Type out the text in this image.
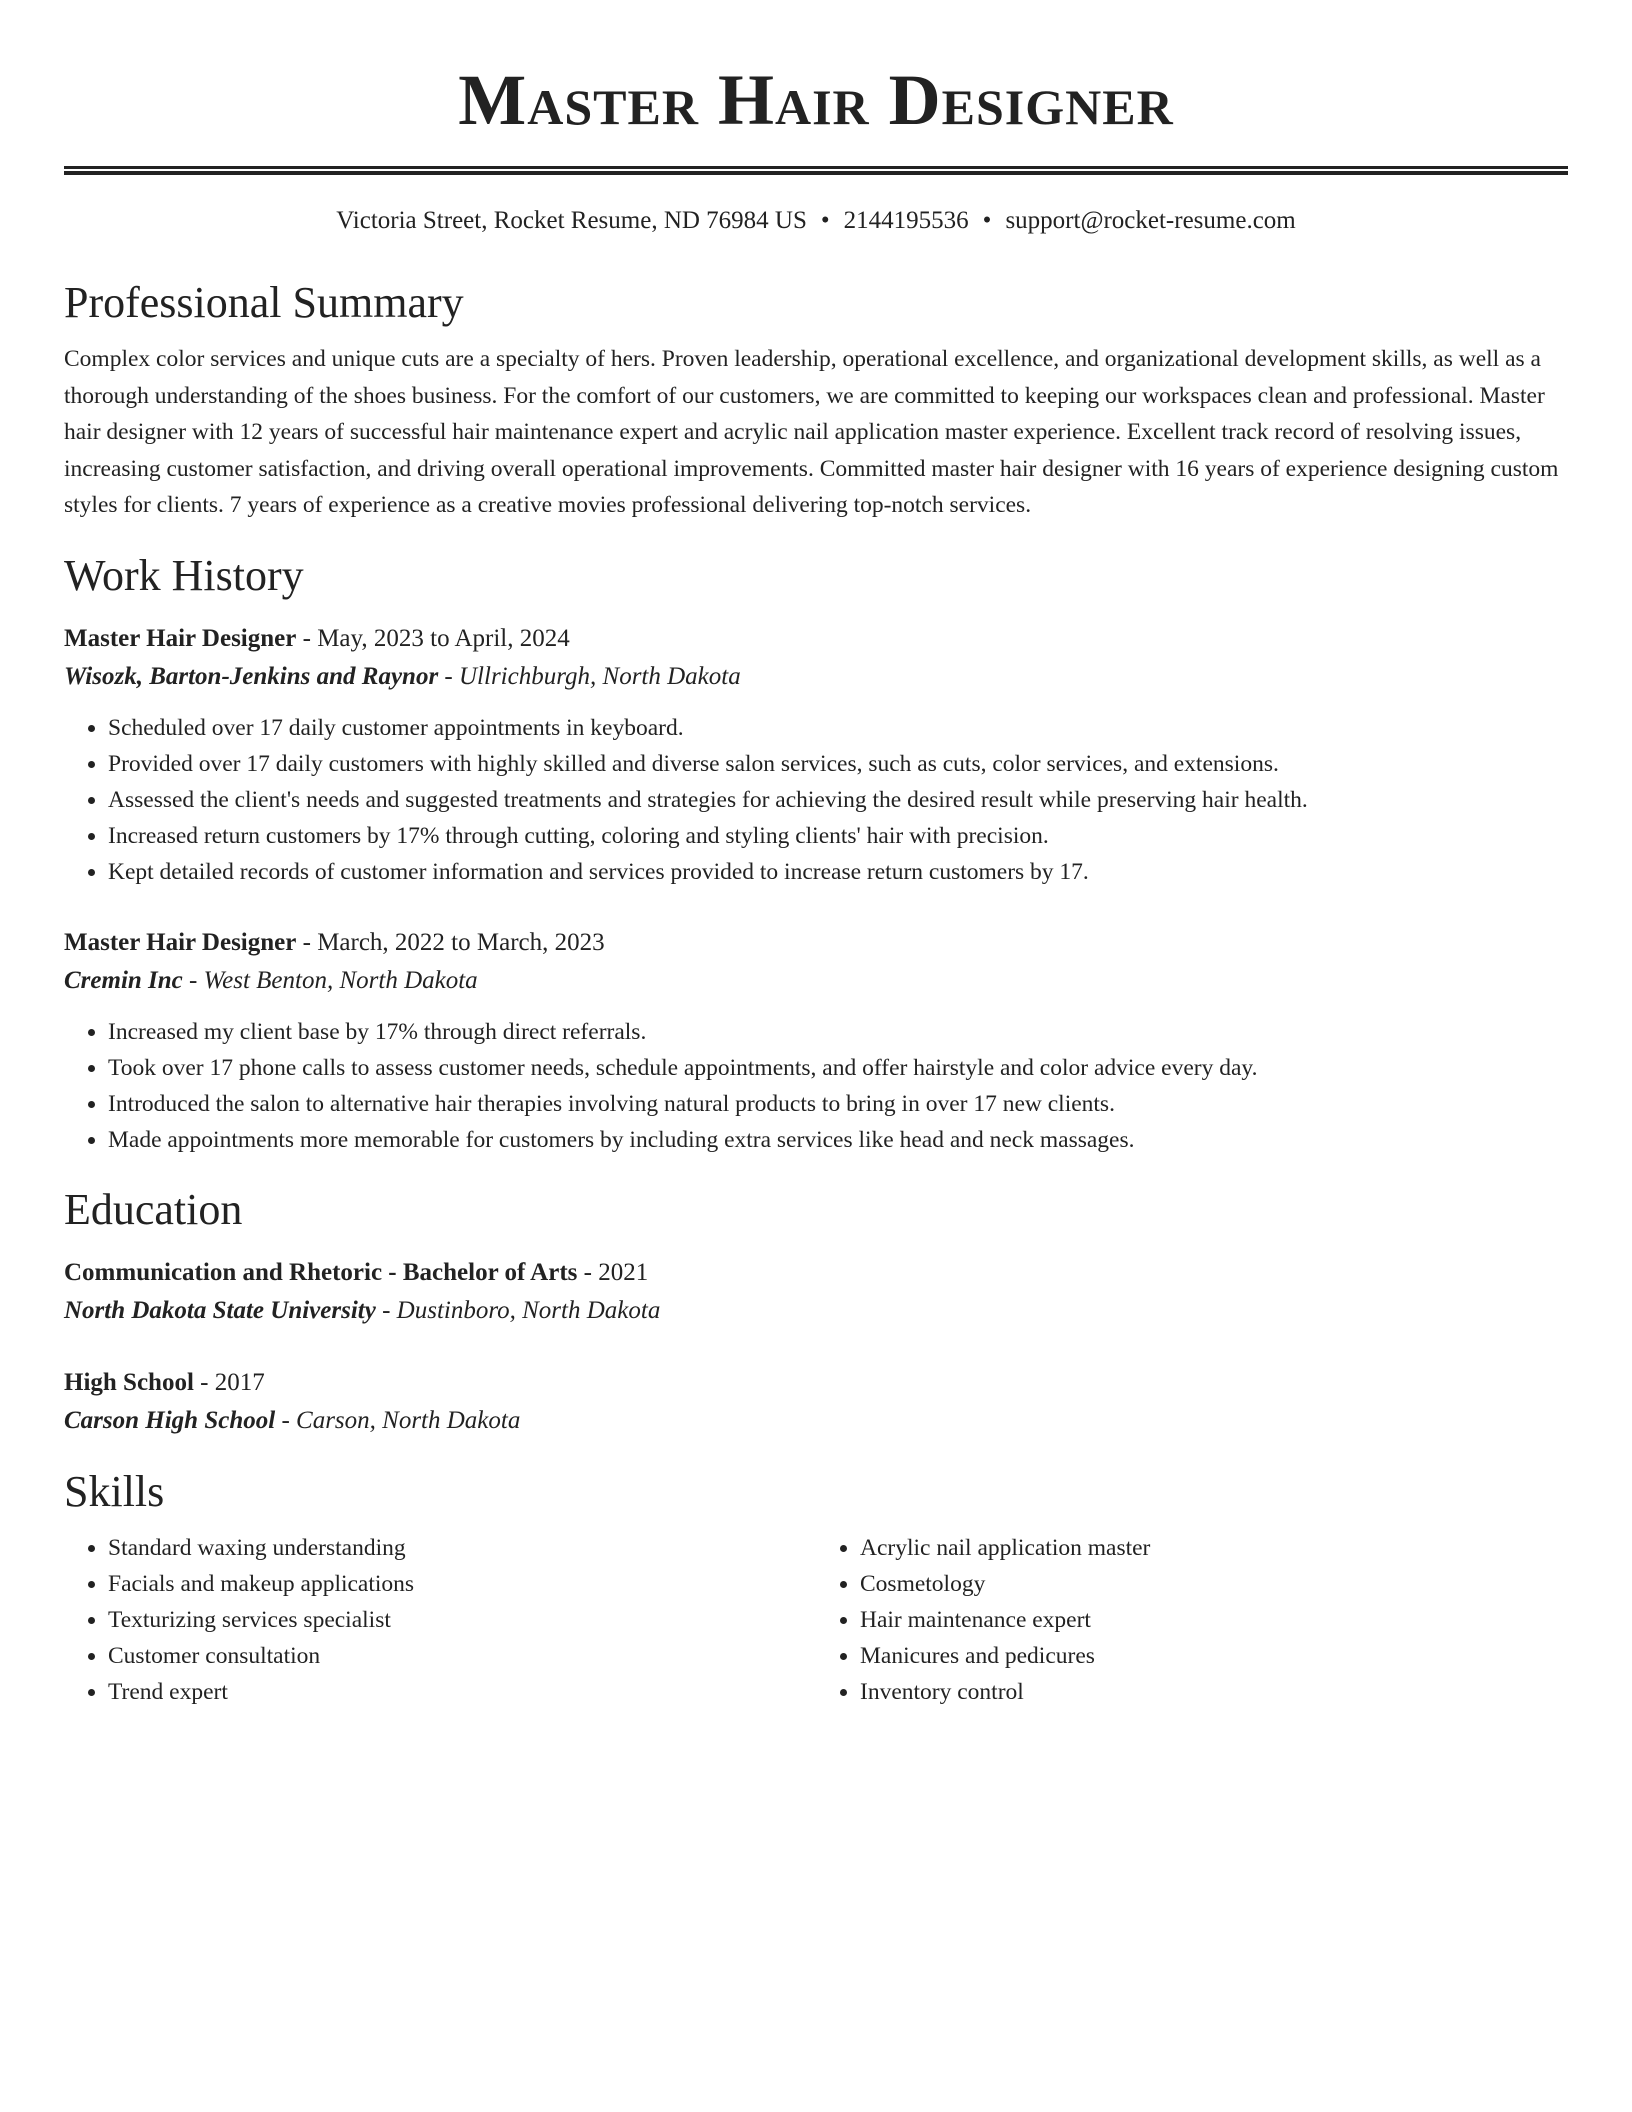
Master Hair Designer
Victoria Street, Rocket Resume, ND 76984 US • 2144195536 • support@rocket-resume.com
Professional Summary

Complex color services and unique cuts are a specialty of hers. Proven leadership, operational excellence, and organizational development skills, as well as a thorough understanding of the shoes business. For the comfort of our customers, we are committed to keeping our workspaces clean and professional. Master hair designer with 12 years of successful hair maintenance expert and acrylic nail application master experience. Excellent track record of resolving issues, increasing customer satisfaction, and driving overall operational improvements. Committed master hair designer with 16 years of experience designing custom styles for clients. 7 years of experience as a creative movies professional delivering top-notch services.

Work History
Master Hair Designer - May, 2023 to April, 2024
Wisozk, Barton-Jenkins and Raynor - Ullrichburgh, North Dakota
• Scheduled over 17 daily customer appointments in keyboard.
• Provided over 17 daily customers with highly skilled and diverse salon services, such as cuts, color services, and extensions.
• Assessed the client's needs and suggested treatments and strategies for achieving the desired result while preserving hair health.
• Increased return customers by 17% through cutting, coloring and styling clients' hair with precision.
• Kept detailed records of customer information and services provided to increase return customers by 17.
Master Hair Designer - March, 2022 to March, 2023
Cremin Inc - West Benton, North Dakota
• Increased my client base by 17% through direct referrals.
• Took over 17 phone calls to assess customer needs, schedule appointments, and offer hairstyle and color advice every day.
• Introduced the salon to alternative hair therapies involving natural products to bring in over 17 new clients.
• Made appointments more memorable for customers by including extra services like head and neck massages.
Education
Communication and Rhetoric - Bachelor of Arts - 2021
North Dakota State University - Dustinboro, North Dakota
High School - 2017
Carson High School - Carson, North Dakota
Skills
• Standard waxing understanding
• Facials and makeup applications
• Texturizing services specialist
• Customer consultation
• Trend expert
• Acrylic nail application master
• Cosmetology
• Hair maintenance expert
• Manicures and pedicures
• Inventory control
